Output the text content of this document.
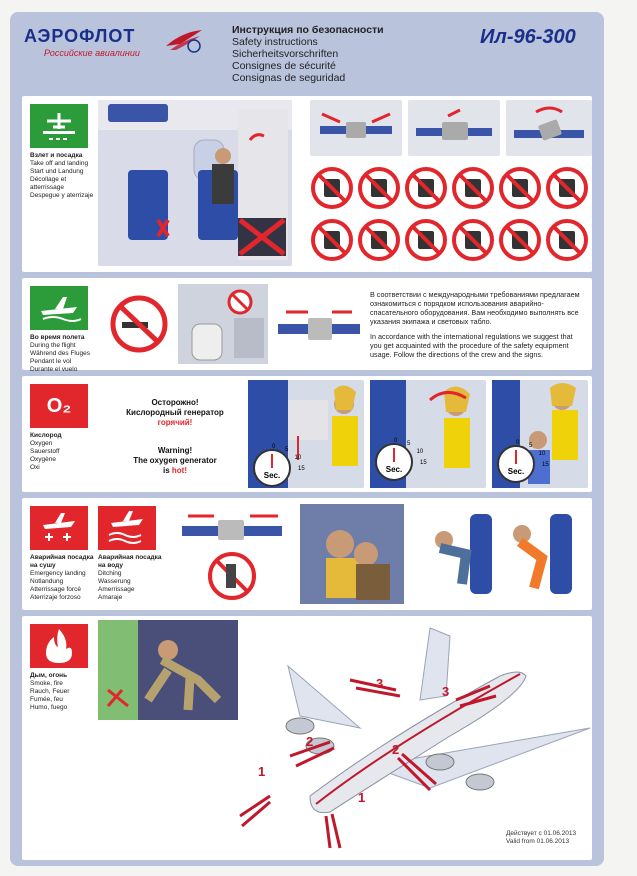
АЭРОФЛОТ
Российские авиалинии
Инструкция по безопасности
Safety instructions
Sicherheitsvorschriften
Consignes de sécurité
Consignas de seguridad
Ил-96-300
Взлет и посадка
Take off and landing
Start und Landung
Décollage et atterrissage
Despegue y aterrizaje
Во время полета
During the flight
Während des Fluges
Pendant le vol
Durante el vuelo

В соответствии с международными требованиями предлагаем ознакомиться с порядком использования аварийно-спасательного оборудования. Вам необходимо выполнять все указания экипажа и световых табло.

In accordance with the international regulations we suggest that you get acquainted with the procedure of the safety equipment usage. Follow the directions of the crew and the signs.

O₂
Кислород
Oxygen
Sauerstoff
Oxygène
Oxi
Осторожно!
Кислородный генератор
горячий!
Warning!
The oxygen generator
is hot!
Sec.
0 5
10
15	Sec.
0 5
10
15
Sec.
0 5
10
15
Аварийная посадка на сушу
Emergency landing
Notlandung
Atterrissage forcé
Aterrizaje forzoso
Аварийная посадка на воду
Ditching
Wasserung
Amerrissage
Amaraje
Дым, огонь
Smoke, fire
Rauch, Feuer
Fumée, feu
Humo, fuego
1
1
2
2
3
3
Действует с 01.06.2013
Valid from 01.06.2013
